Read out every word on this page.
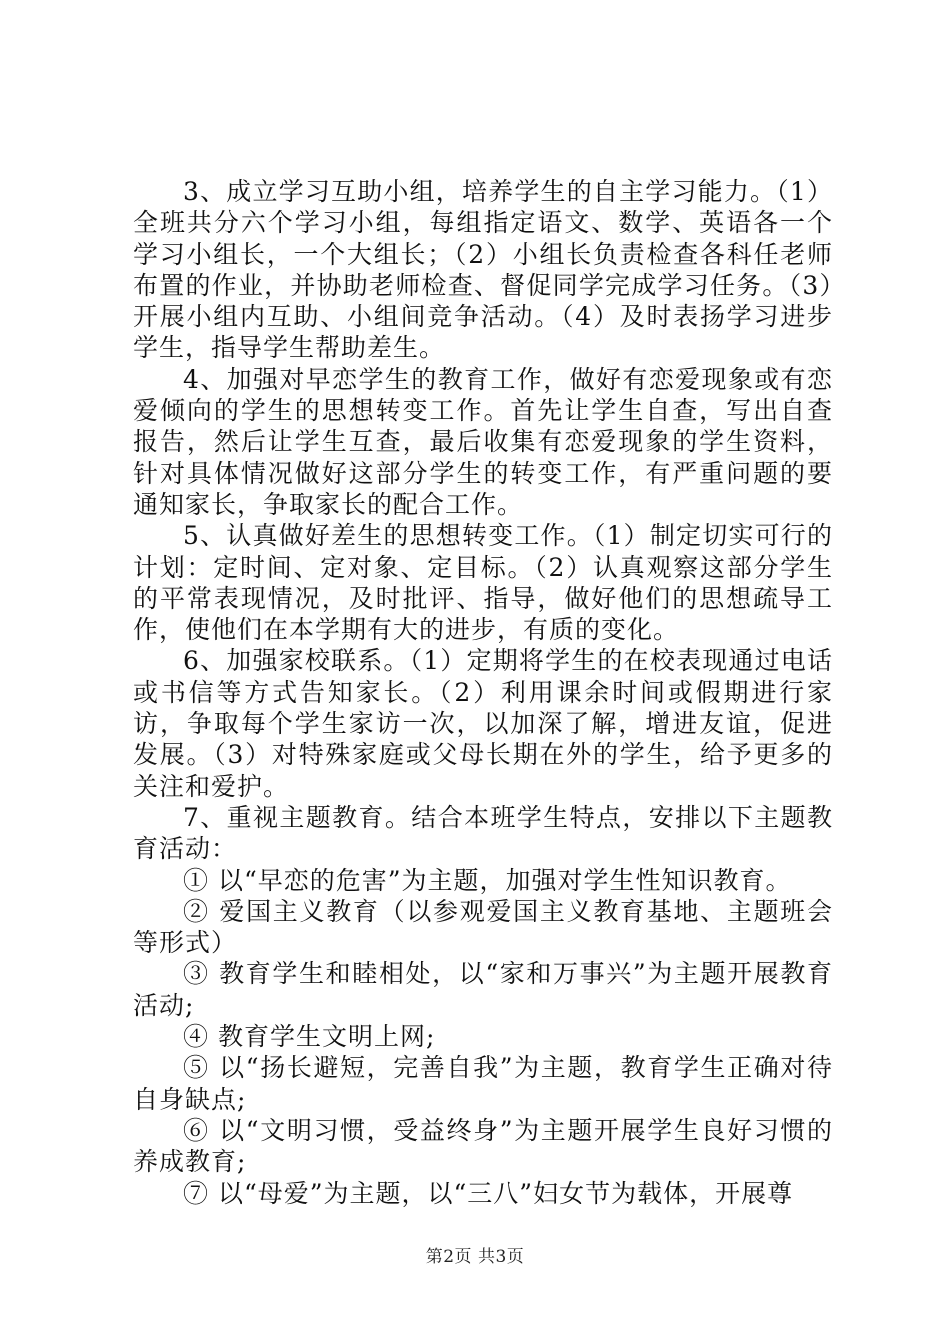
3、成立学习互助小组，培养学生的自主学习能力。（1）全班共分六个学习小组，每组指定语文、数学、英语各一个学习小组长，一个大组长；（2）小组长负责检查各科任老师布置的作业，并协助老师检查、督促同学完成学习任务。（3）开展小组内互助、小组间竞争活动。（4）及时表扬学习进步学生，指导学生帮助差生。

4、加强对早恋学生的教育工作，做好有恋爱现象或有恋爱倾向的学生的思想转变工作。首先让学生自查，写出自查报告，然后让学生互查，最后收集有恋爱现象的学生资料，针对具体情况做好这部分学生的转变工作，有严重问题的要通知家长，争取家长的配合工作。

5、认真做好差生的思想转变工作。（1）制定切实可行的计划：定时间、定对象、定目标。（2）认真观察这部分学生的平常表现情况，及时批评、指导，做好他们的思想疏导工作，使他们在本学期有大的进步，有质的变化。

6、加强家校联系。（1）定期将学生的在校表现通过电话或书信等方式告知家长。（2）利用课余时间或假期进行家访，争取每个学生家访一次，以加深了解，增进友谊，促进发展。（3）对特殊家庭或父母长期在外的学生，给予更多的关注和爱护。

7、重视主题教育。结合本班学生特点，安排以下主题教育活动：

① 以“早恋的危害”为主题，加强对学生性知识教育。

② 爱国主义教育（以参观爱国主义教育基地、主题班会等形式）

③ 教育学生和睦相处，以“家和万事兴”为主题开展教育活动;

④ 教育学生文明上网;

⑤ 以“扬长避短，完善自我”为主题，教育学生正确对待自身缺点;

⑥ 以“文明习惯，受益终身”为主题开展学生良好习惯的养成教育;

⑦ 以“母爱”为主题，以“三八”妇女节为载体，开展尊

第2页 共3页
